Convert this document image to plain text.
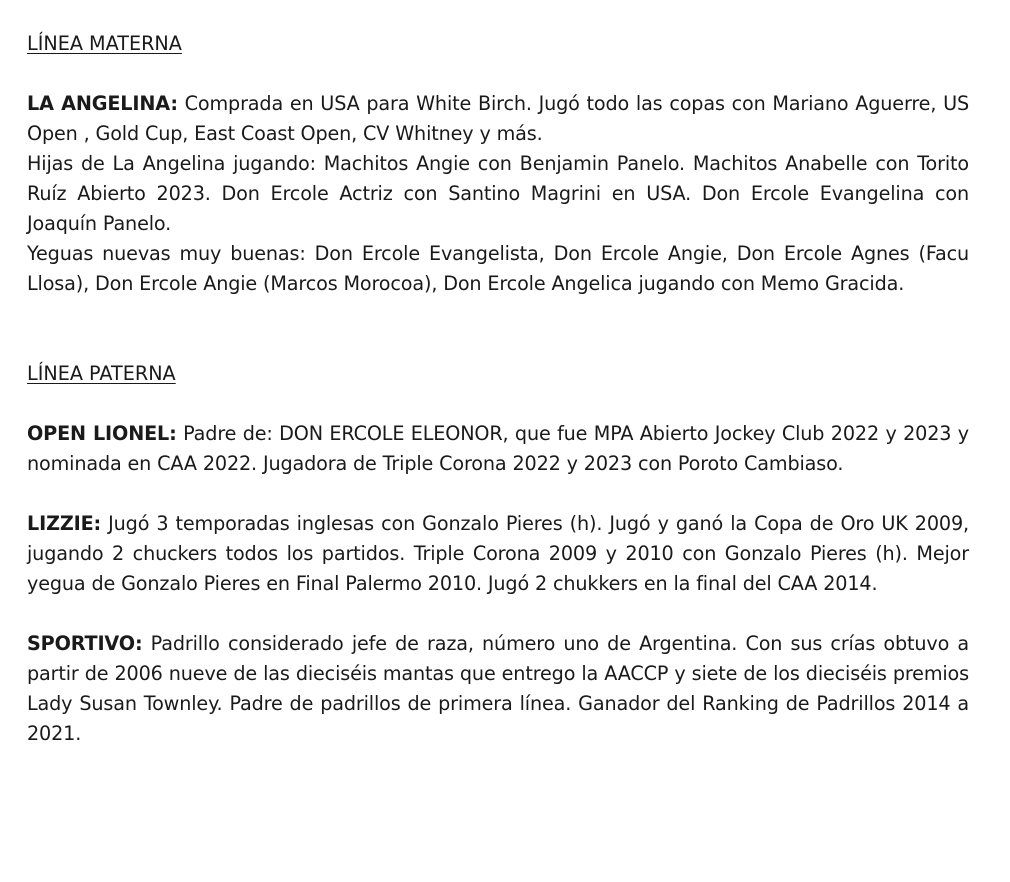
LÍNEA MATERNA

LA ANGELINA: Comprada en USA para White Birch. Jugó todo las copas con Mariano Aguerre, US Open , Gold Cup, East Coast Open, CV Whitney y más.

Hijas de La Angelina jugando: Machitos Angie con Benjamin Panelo. Machitos Anabelle con Torito Ruíz Abierto 2023. Don Ercole Actriz con Santino Magrini en USA. Don Ercole Evangelina con Joaquín Panelo.

Yeguas nuevas muy buenas: Don Ercole Evangelista, Don Ercole Angie, Don Ercole Agnes (Facu Llosa), Don Ercole Angie (Marcos Morocoa), Don Ercole Angelica jugando con Memo Gracida.

LÍNEA PATERNA

OPEN LIONEL: Padre de: DON ERCOLE ELEONOR, que fue MPA Abierto Jockey Club 2022 y 2023 y nominada en CAA 2022. Jugadora de Triple Corona 2022 y 2023 con Poroto Cambiaso.

LIZZIE: Jugó 3 temporadas inglesas con Gonzalo Pieres (h). Jugó y ganó la Copa de Oro UK 2009, jugando 2 chuckers todos los partidos. Triple Corona 2009 y 2010 con Gonzalo Pieres (h). Mejor yegua de Gonzalo Pieres en Final Palermo 2010. Jugó 2 chukkers en la final del CAA 2014.

SPORTIVO: Padrillo considerado jefe de raza, número uno de Argentina. Con sus crías obtuvo a partir de 2006 nueve de las dieciséis mantas que entrego la AACCP y siete de los dieciséis premios Lady Susan Townley. Padre de padrillos de primera línea. Ganador del Ranking de Padrillos 2014 a 2021.
